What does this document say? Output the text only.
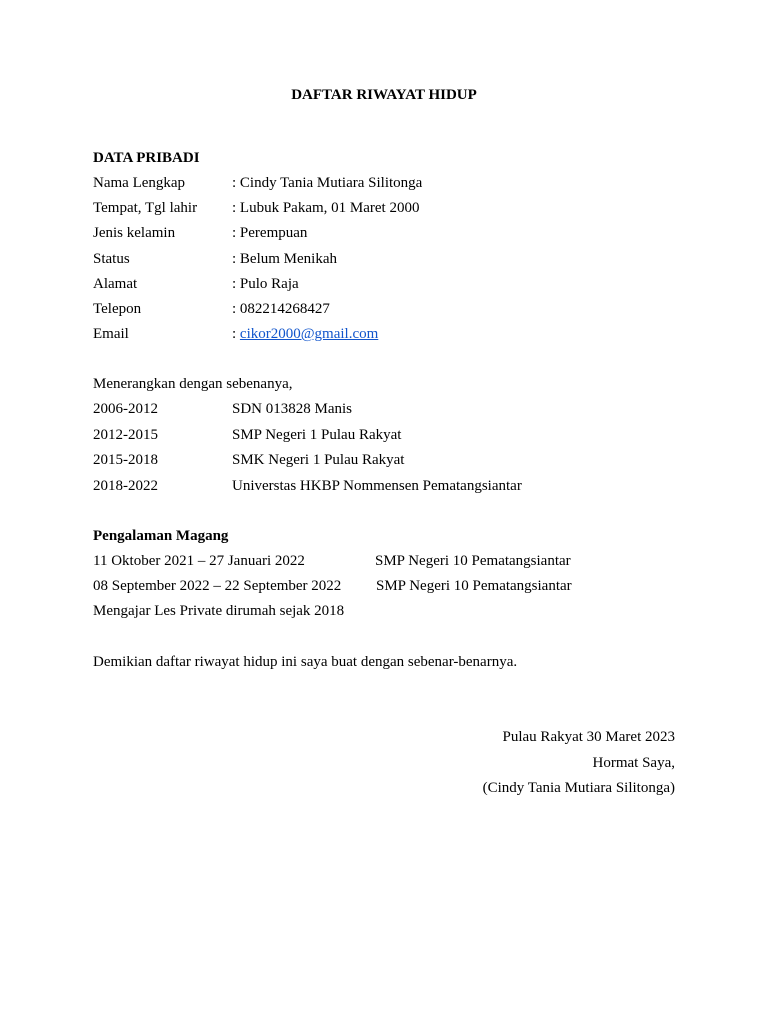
DAFTAR RIWAYAT HIDUP
DATA PRIBADI
Nama Lengkap	: Cindy Tania Mutiara Silitonga
Tempat, Tgl lahir : Lubuk Pakam, 01 Maret 2000
Jenis kelamin	: Perempuan
Status	: Belum Menikah
Alamat	: Pulo Raja
Telepon	: 082214268427
Email	: cikor2000@gmail.com
Menerangkan dengan sebenanya,
2006-2012	SDN 013828 Manis
2012-2015	SMP Negeri 1 Pulau Rakyat
2015-2018	SMK Negeri 1 Pulau Rakyat
2018-2022	Universtas HKBP Nommensen Pematangsiantar
Pengalaman Magang
11 Oktober 2021 – 27 Januari 2022	SMP Negeri 10 Pematangsiantar
08 September 2022 – 22 September 2022 SMP Negeri 10 Pematangsiantar
Mengajar Les Private dirumah sejak 2018
Demikian daftar riwayat hidup ini saya buat dengan sebenar-benarnya.
Pulau Rakyat 30 Maret 2023
Hormat Saya,
(Cindy Tania Mutiara Silitonga)
